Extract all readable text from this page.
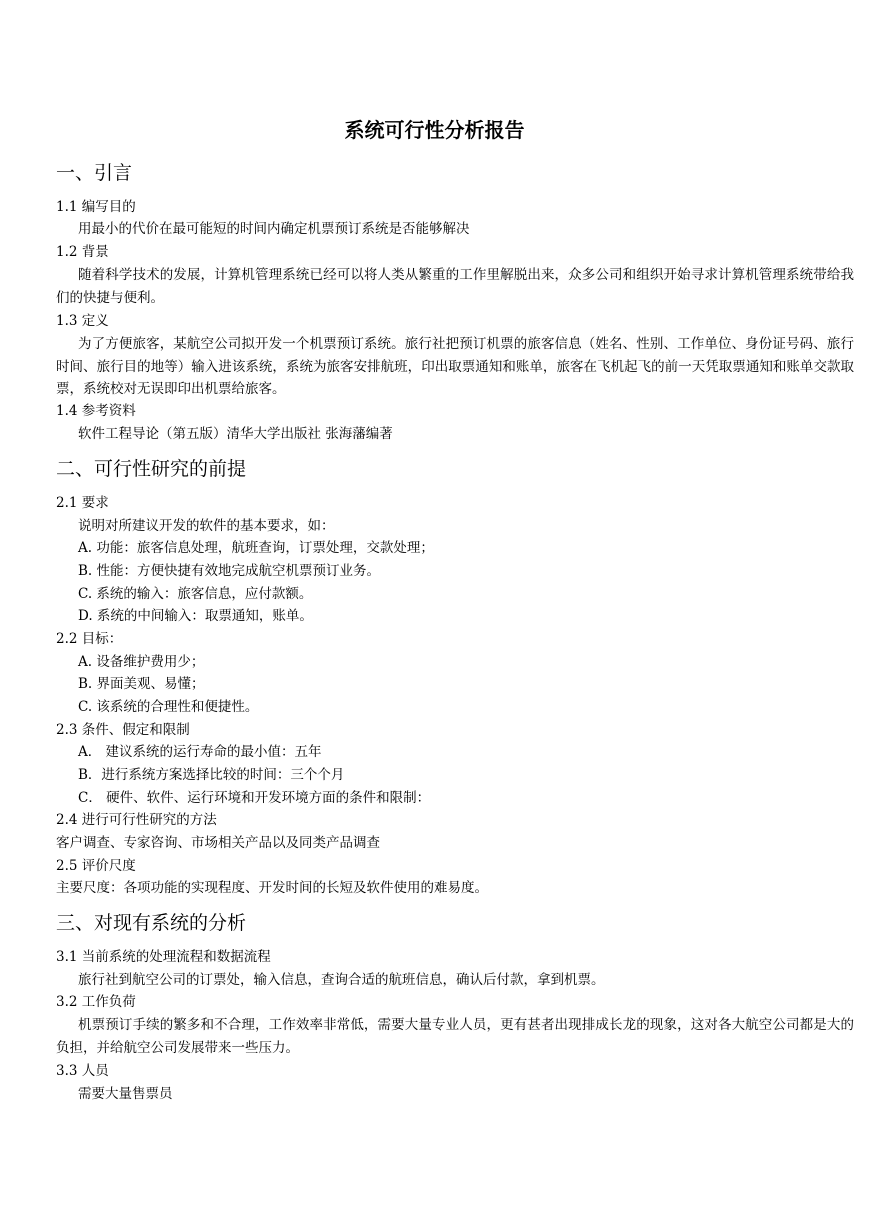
系统可行性分析报告
一、引言
1.1 编写目的
用最小的代价在最可能短的时间内确定机票预订系统是否能够解决
1.2 背景
随着科学技术的发展，计算机管理系统已经可以将人类从繁重的工作里解脱出来，众多公司和组织开始寻求计算机管理系统带给我们的快捷与便利。
1.3 定义
为了方便旅客，某航空公司拟开发一个机票预订系统。旅行社把预订机票的旅客信息（姓名、性别、工作单位、身份证号码、旅行时间、旅行目的地等）输入进该系统，系统为旅客安排航班，印出取票通知和账单，旅客在飞机起飞的前一天凭取票通知和账单交款取票，系统校对无误即印出机票给旅客。
1.4 参考资料
软件工程导论（第五版）清华大学出版社 张海藩编著
二、可行性研究的前提
2.1 要求
说明对所建议开发的软件的基本要求，如：
A. 功能：旅客信息处理，航班查询，订票处理，交款处理；
B. 性能：方便快捷有效地完成航空机票预订业务。
C. 系统的输入：旅客信息，应付款额。
D. 系统的中间输入：取票通知，账单。
2.2 目标：
A. 设备维护费用少；
B. 界面美观、易懂；
C. 该系统的合理性和便捷性。
2.3 条件、假定和限制
A． 建议系统的运行寿命的最小值：五年
B．进行系统方案选择比较的时间：三个个月
C． 硬件、软件、运行环境和开发环境方面的条件和限制：
2.4 进行可行性研究的方法
客户调查、专家咨询、市场相关产品以及同类产品调查
2.5 评价尺度
主要尺度：各项功能的实现程度、开发时间的长短及软件使用的难易度。
三、对现有系统的分析
3.1 当前系统的处理流程和数据流程
旅行社到航空公司的订票处，输入信息，查询合适的航班信息，确认后付款，拿到机票。
3.2 工作负荷
机票预订手续的繁多和不合理，工作效率非常低，需要大量专业人员，更有甚者出现排成长龙的现象，这对各大航空公司都是大的负担，并给航空公司发展带来一些压力。
3.3 人员
需要大量售票员
